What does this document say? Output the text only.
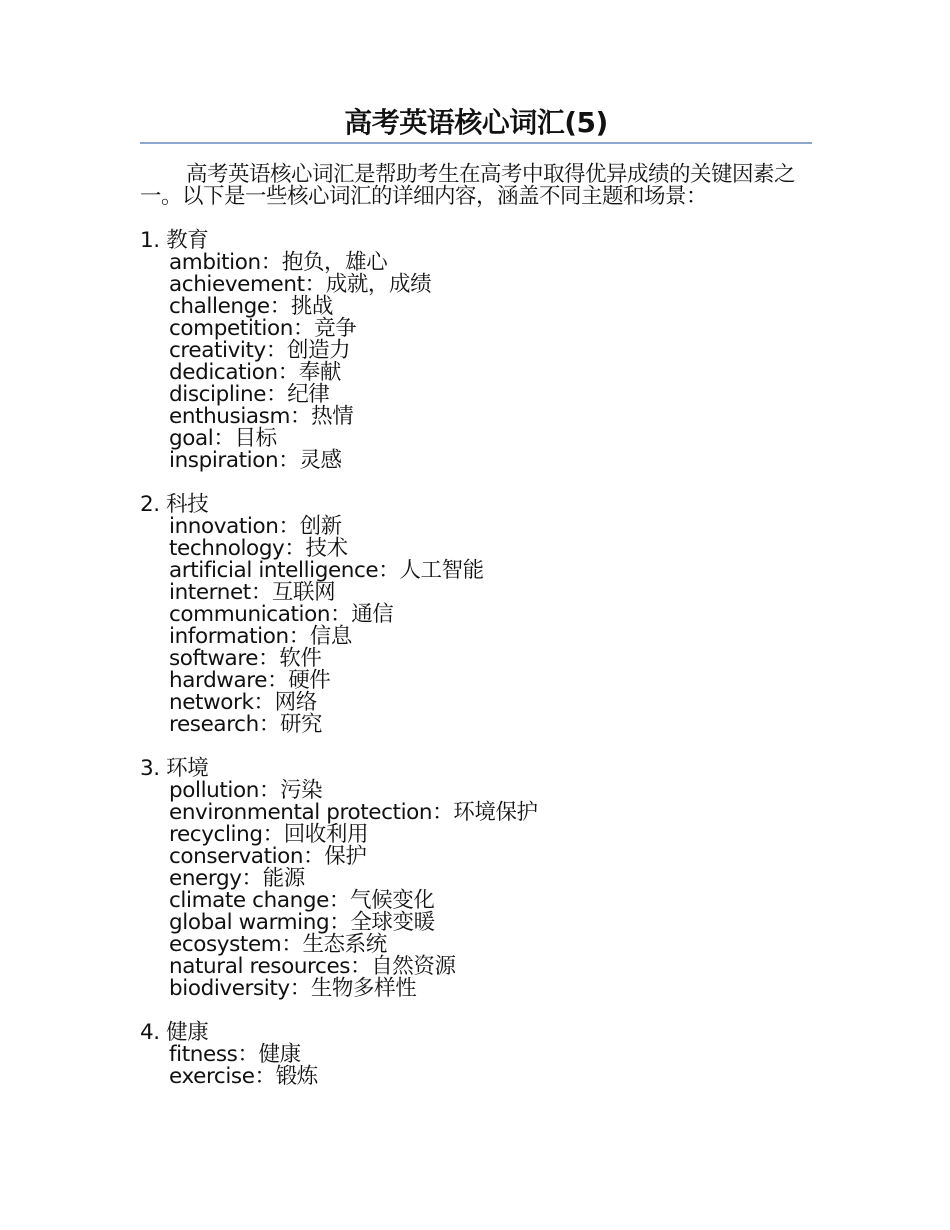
高考英语核心词汇(5)

高考英语核心词汇是帮助考生在高考中取得优异成绩的关键因素之一。以下是一些核心词汇的详细内容，涵盖不同主题和场景：

1. 教育
ambition：抱负，雄心
achievement：成就，成绩
challenge：挑战
competition：竞争
creativity：创造力
dedication：奉献
discipline：纪律
enthusiasm：热情
goal：目标
inspiration：灵感
2. 科技
innovation：创新
technology：技术
artificial intelligence：人工智能
internet：互联网
communication：通信
information：信息
software：软件
hardware：硬件
network：网络
research：研究
3. 环境
pollution：污染
environmental protection：环境保护
recycling：回收利用
conservation：保护
energy：能源
climate change：气候变化
global warming：全球变暖
ecosystem：生态系统
natural resources：自然资源
biodiversity：生物多样性
4. 健康
fitness：健康
exercise：锻炼
